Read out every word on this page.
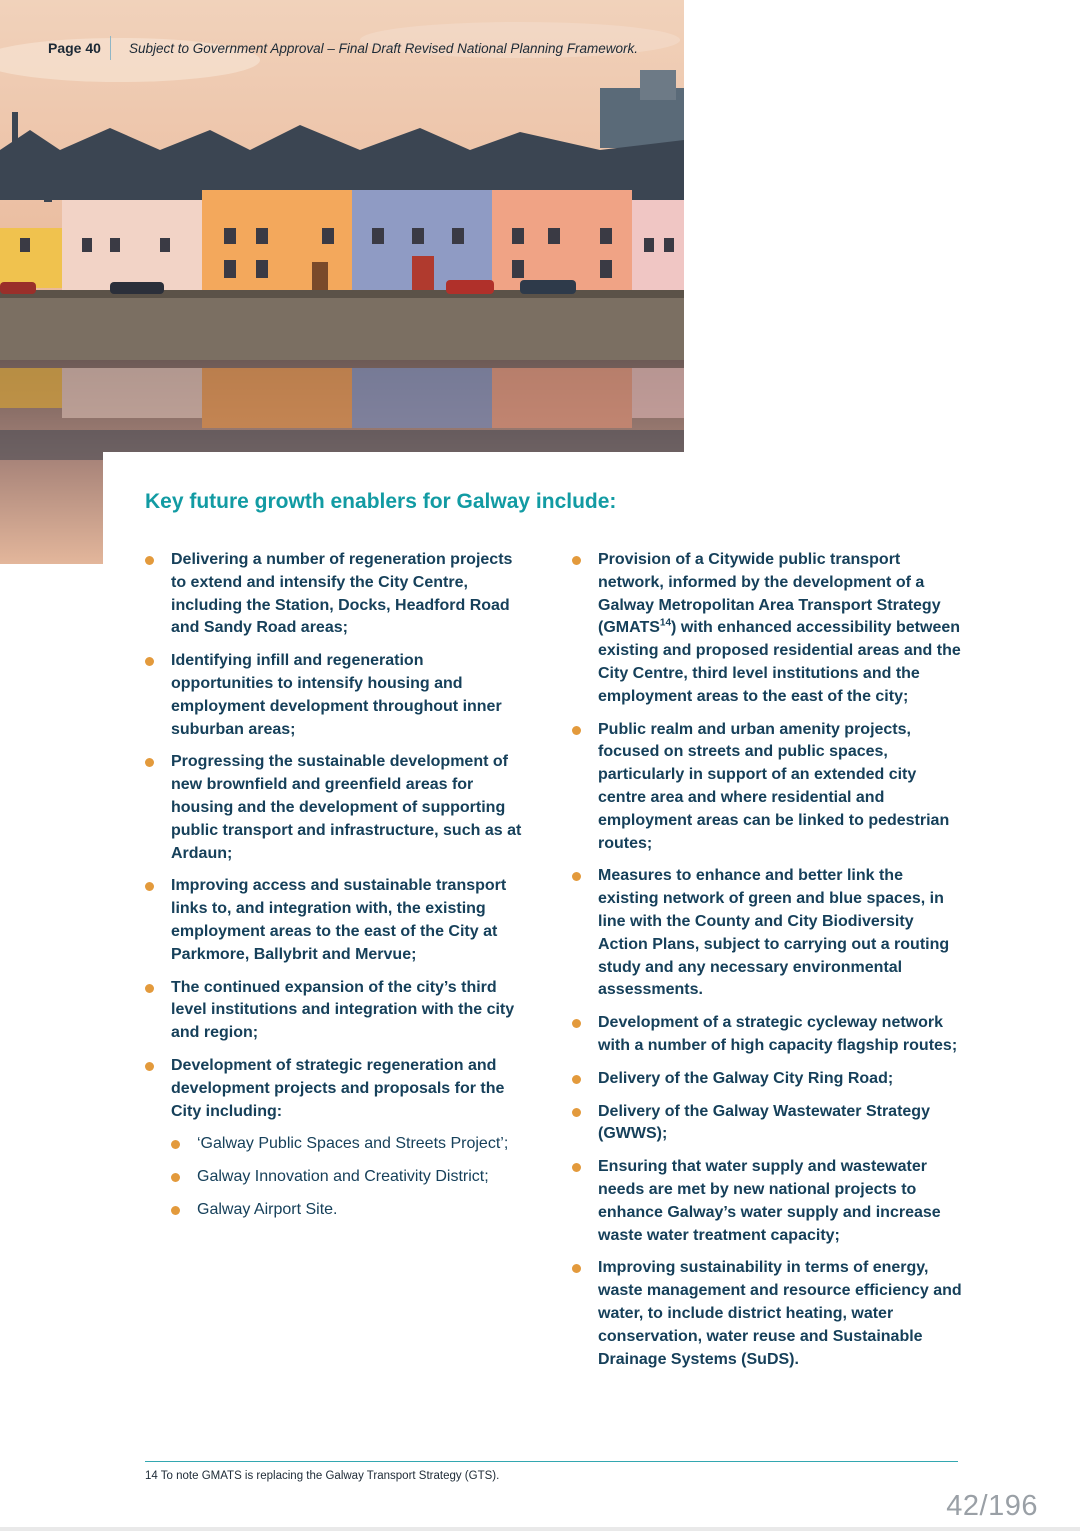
Page 40	Subject to Government Approval – Final Draft Revised National Planning Framework.
Key future growth enablers for Galway include:
Delivering a number of regeneration projects to extend and intensify the City Centre, including the Station, Docks, Headford Road and Sandy Road areas;
Identifying infill and regeneration opportunities to intensify housing and employment development throughout inner suburban areas;
Progressing the sustainable development of new brownfield and greenfield areas for housing and the development of supporting public transport and infrastructure, such as at Ardaun;
Improving access and sustainable transport links to, and integration with, the existing employment areas to the east of the City at Parkmore, Ballybrit and Mervue;
The continued expansion of the city’s third level institutions and integration with the city and region;
Development of strategic regeneration and development projects and proposals for the City including:
‘Galway Public Spaces and Streets Project’;
Galway Innovation and Creativity District;
Galway Airport Site.
Provision of a Citywide public transport network, informed by the development of a Galway Metropolitan Area Transport Strategy (GMATS$^{14}$) with enhanced accessibility between existing and proposed residential areas and the City Centre, third level institutions and the employment areas to the east of the city;
Public realm and urban amenity projects, focused on streets and public spaces, particularly in support of an extended city centre area and where residential and employment areas can be linked to pedestrian routes;
Measures to enhance and better link the existing network of green and blue spaces, in line with the County and City Biodiversity Action Plans, subject to carrying out a routing study and any necessary environmental assessments.
Development of a strategic cycleway network with a number of high capacity flagship routes;
Delivery of the Galway City Ring Road;
Delivery of the Galway Wastewater Strategy (GWWS);
Ensuring that water supply and wastewater needs are met by new national projects to enhance Galway’s water supply and increase waste water treatment capacity;
Improving sustainability in terms of energy, waste management and resource efficiency and water, to include district heating, water conservation, water reuse and Sustainable Drainage Systems (SuDS).
14 To note GMATS is replacing the Galway Transport Strategy (GTS).
42/196
